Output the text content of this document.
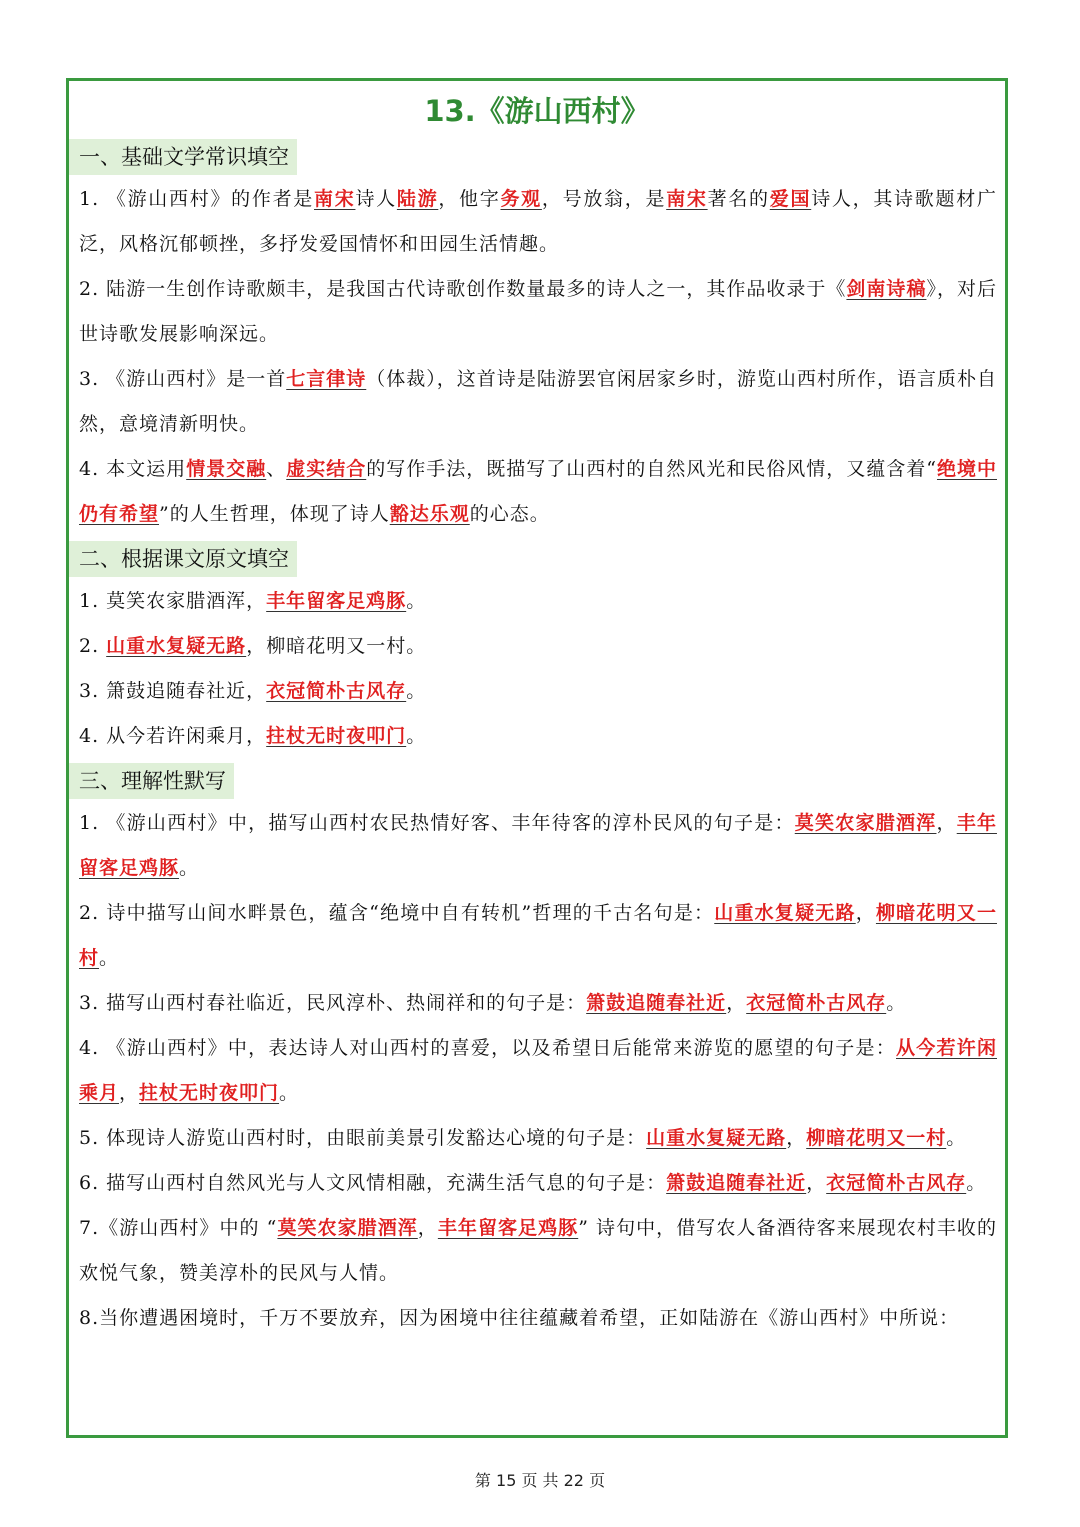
13.《游山西村》
一、基础文学常识填空

1. 《游山西村》的作者是南宋诗人陆游，他字务观，号放翁，是南宋著名的爱国诗人，其诗歌题材广泛，风格沉郁顿挫，多抒发爱国情怀和田园生活情趣。

2. 陆游一生创作诗歌颇丰，是我国古代诗歌创作数量最多的诗人之一，其作品收录于《剑南诗稿》，对后世诗歌发展影响深远。

3. 《游山西村》是一首七言律诗（体裁），这首诗是陆游罢官闲居家乡时，游览山西村所作，语言质朴自然，意境清新明快。

4. 本文运用情景交融、虚实结合的写作手法，既描写了山西村的自然风光和民俗风情，又蕴含着“绝境中仍有希望”的人生哲理，体现了诗人豁达乐观的心态。

二、根据课文原文填空

1. 莫笑农家腊酒浑，丰年留客足鸡豚。

2. 山重水复疑无路，柳暗花明又一村。

3. 箫鼓追随春社近，衣冠简朴古风存。

4. 从今若许闲乘月，拄杖无时夜叩门。

三、理解性默写

1. 《游山西村》中，描写山西村农民热情好客、丰年待客的淳朴民风的句子是：莫笑农家腊酒浑，丰年留客足鸡豚。

2. 诗中描写山间水畔景色，蕴含“绝境中自有转机”哲理的千古名句是：山重水复疑无路，柳暗花明又一村。

3. 描写山西村春社临近，民风淳朴、热闹祥和的句子是：箫鼓追随春社近，衣冠简朴古风存。

4. 《游山西村》中，表达诗人对山西村的喜爱，以及希望日后能常来游览的愿望的句子是：从今若许闲乘月，拄杖无时夜叩门。

5. 体现诗人游览山西村时，由眼前美景引发豁达心境的句子是：山重水复疑无路，柳暗花明又一村。

6. 描写山西村自然风光与人文风情相融，充满生活气息的句子是：箫鼓追随春社近，衣冠简朴古风存。

7.《游山西村》中的 “莫笑农家腊酒浑，丰年留客足鸡豚” 诗句中，借写农人备酒待客来展现农村丰收的欢悦气象，赞美淳朴的民风与人情。

8.当你遭遇困境时，千万不要放弃，因为困境中往往蕴藏着希望，正如陆游在《游山西村》中所说：

第 15 页 共 22 页
